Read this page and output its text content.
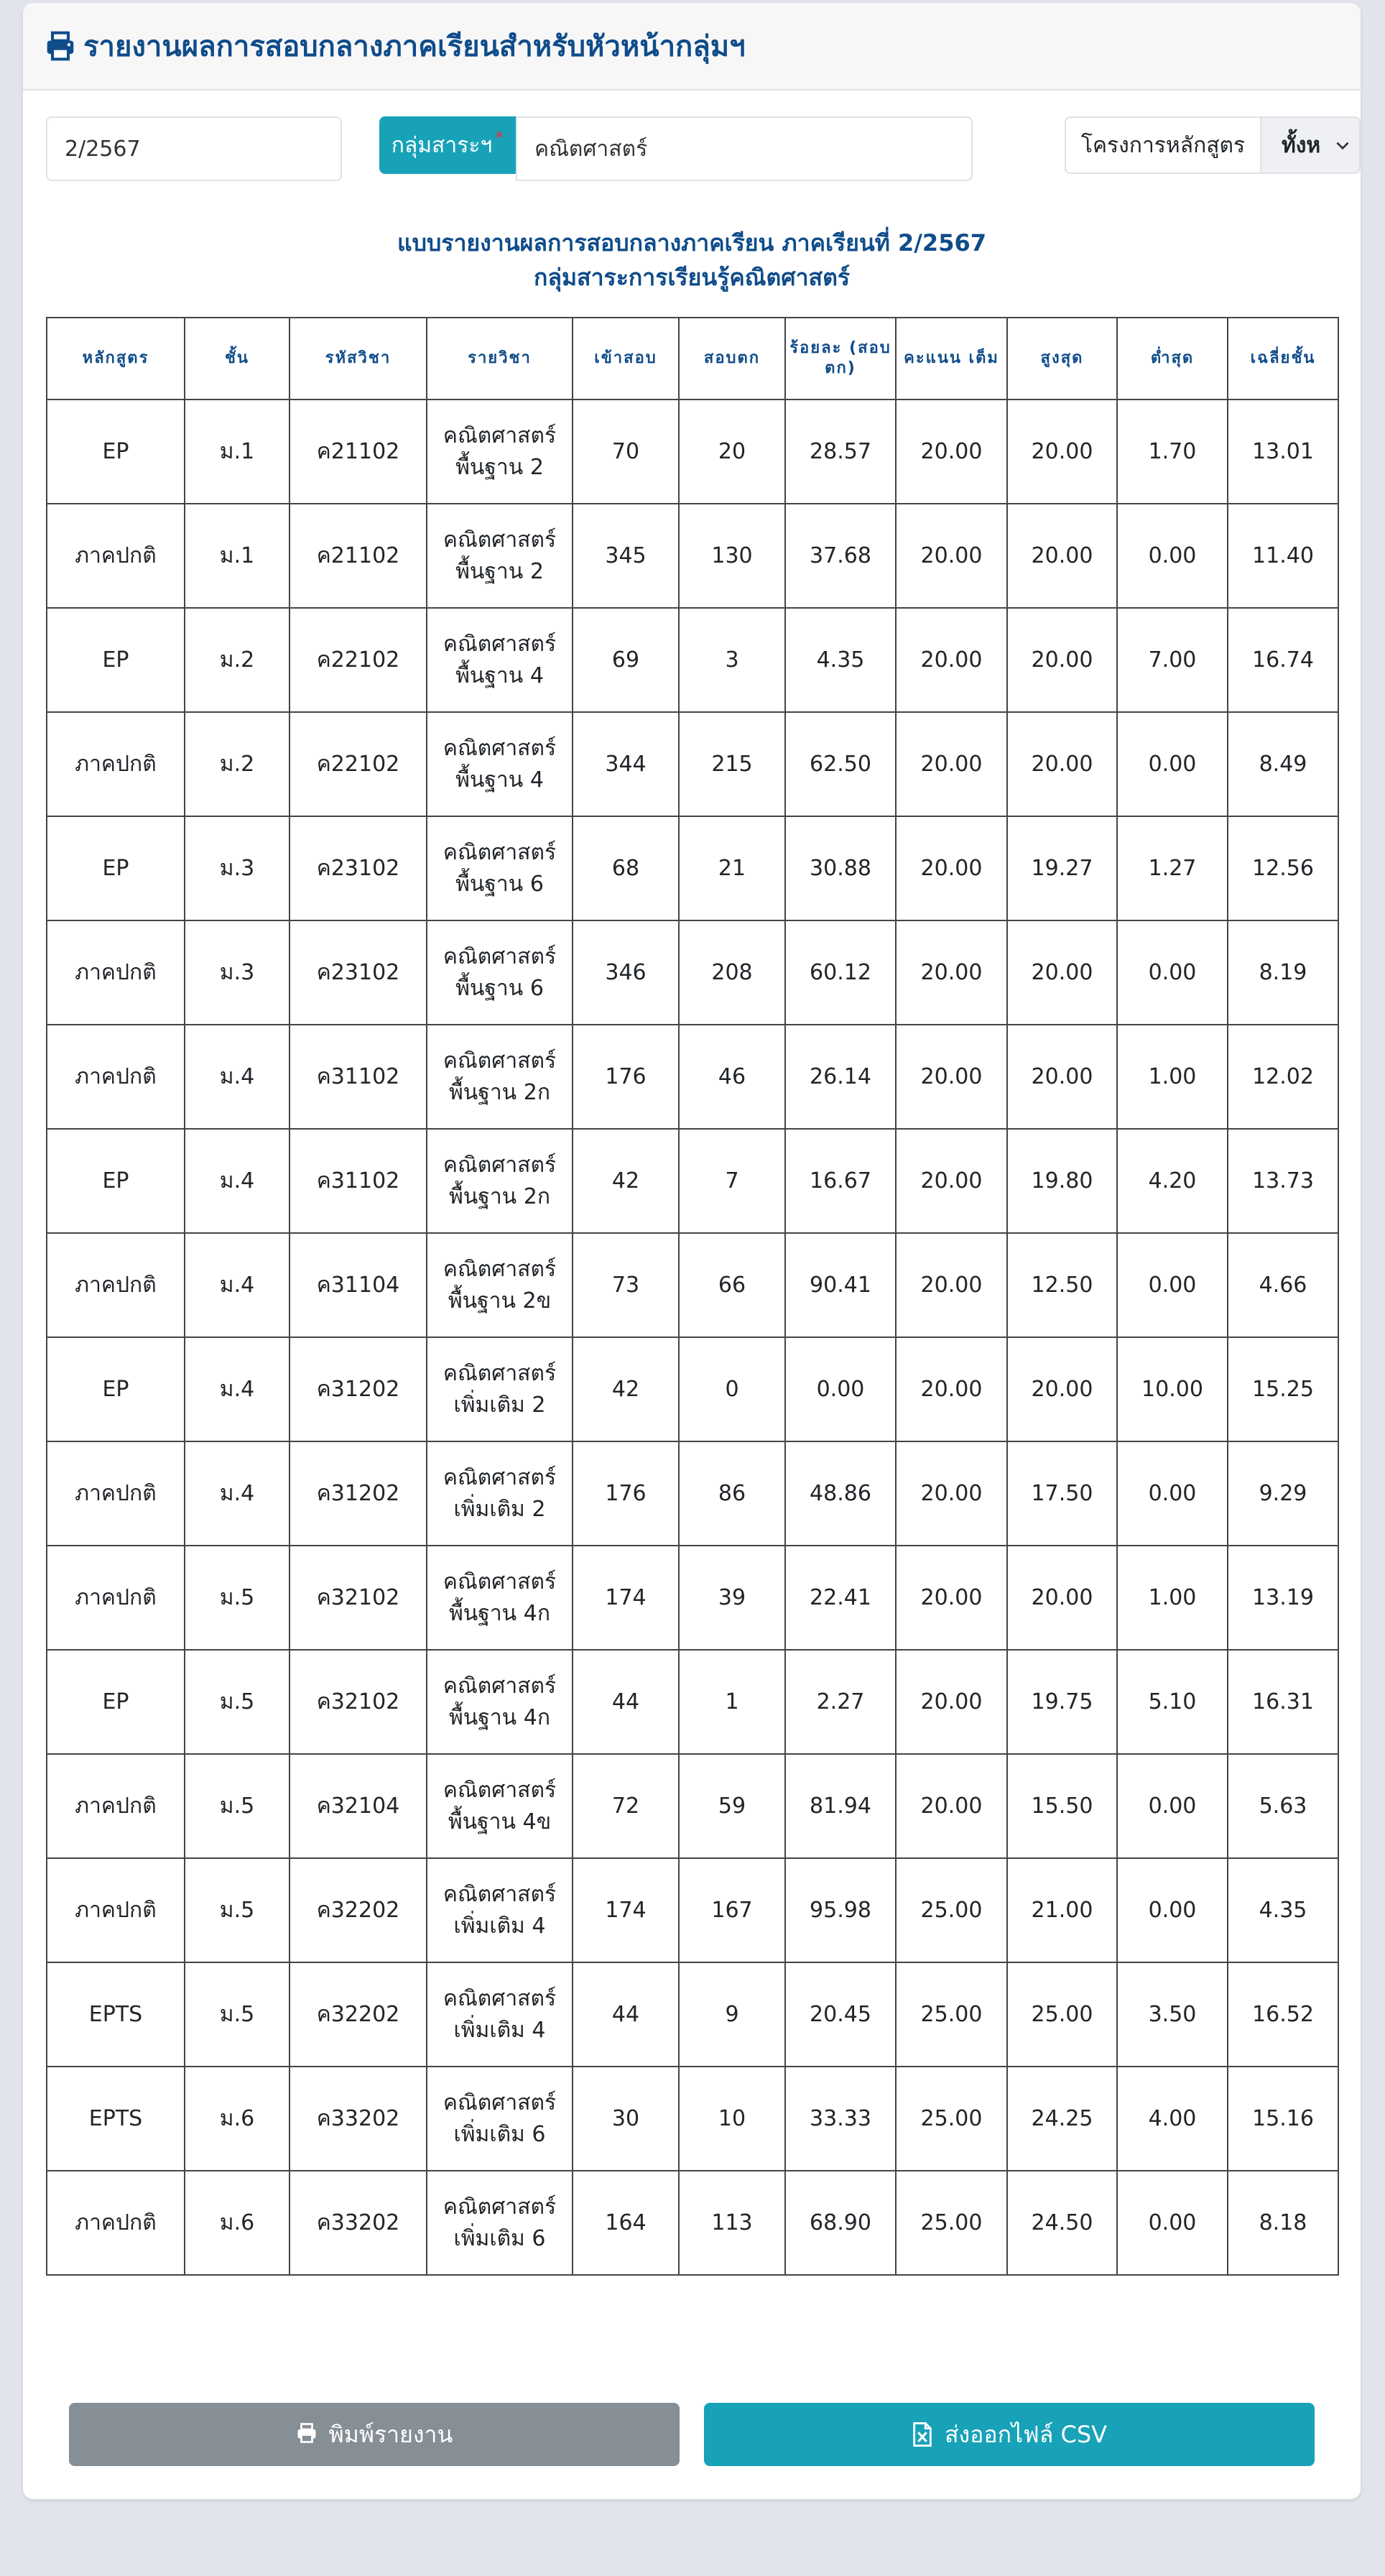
รายงานผลการสอบกลางภาคเรียนสำหรับหัวหน้ากลุ่มฯ
2/2567	กลุ่มสาระฯ *	คณิตศาสตร์	โครงการหลักสูตร	ทั้งห
แบบรายงานผลการสอบกลางภาคเรียน ภาคเรียนที่ 2/2567
กลุ่มสาระการเรียนรู้คณิตศาสตร์
หลักสูตร	ชั้น	รหัสวิชา	รายวิชา	เข้าสอบ	สอบตก	ร้อยละ (สอบ ตก)	คะแนน เต็ม	สูงสุด	ต่ำสุด	เฉลี่ยชั้น
EP	ม.1	ค21102	คณิตศาสตร์ พื้นฐาน 2	70	20	28.57	20.00	20.00	1.70	13.01
ภาคปกติ	ม.1	ค21102	คณิตศาสตร์ พื้นฐาน 2	345	130	37.68	20.00	20.00	0.00	11.40
EP	ม.2	ค22102	คณิตศาสตร์ พื้นฐาน 4	69	3	4.35	20.00	20.00	7.00	16.74
ภาคปกติ	ม.2	ค22102	คณิตศาสตร์ พื้นฐาน 4	344	215	62.50	20.00	20.00	0.00	8.49
EP	ม.3	ค23102	คณิตศาสตร์ พื้นฐาน 6	68	21	30.88	20.00	19.27	1.27	12.56
ภาคปกติ	ม.3	ค23102	คณิตศาสตร์ พื้นฐาน 6	346	208	60.12	20.00	20.00	0.00	8.19
ภาคปกติ	ม.4	ค31102	คณิตศาสตร์ พื้นฐาน 2ก	176	46	26.14	20.00	20.00	1.00	12.02
EP	ม.4	ค31102	คณิตศาสตร์ พื้นฐาน 2ก	42	7	16.67	20.00	19.80	4.20	13.73
ภาคปกติ	ม.4	ค31104	คณิตศาสตร์ พื้นฐาน 2ข	73	66	90.41	20.00	12.50	0.00	4.66
EP	ม.4	ค31202	คณิตศาสตร์ เพิ่มเติม 2	42	0	0.00	20.00	20.00	10.00	15.25
ภาคปกติ	ม.4	ค31202	คณิตศาสตร์ เพิ่มเติม 2	176	86	48.86	20.00	17.50	0.00	9.29
ภาคปกติ	ม.5	ค32102	คณิตศาสตร์ พื้นฐาน 4ก	174	39	22.41	20.00	20.00	1.00	13.19
EP	ม.5	ค32102	คณิตศาสตร์ พื้นฐาน 4ก	44	1	2.27	20.00	19.75	5.10	16.31
ภาคปกติ	ม.5	ค32104	คณิตศาสตร์ พื้นฐาน 4ข	72	59	81.94	20.00	15.50	0.00	5.63
ภาคปกติ	ม.5	ค32202	คณิตศาสตร์ เพิ่มเติม 4	174	167	95.98	25.00	21.00	0.00	4.35
EPTS	ม.5	ค32202	คณิตศาสตร์ เพิ่มเติม 4	44	9	20.45	25.00	25.00	3.50	16.52
EPTS	ม.6	ค33202	คณิตศาสตร์ เพิ่มเติม 6	30	10	33.33	25.00	24.25	4.00	15.16
ภาคปกติ	ม.6	ค33202	คณิตศาสตร์ เพิ่มเติม 6	164	113	68.90	25.00	24.50	0.00	8.18
พิมพ์รายงาน	ส่งออกไฟล์ CSV
